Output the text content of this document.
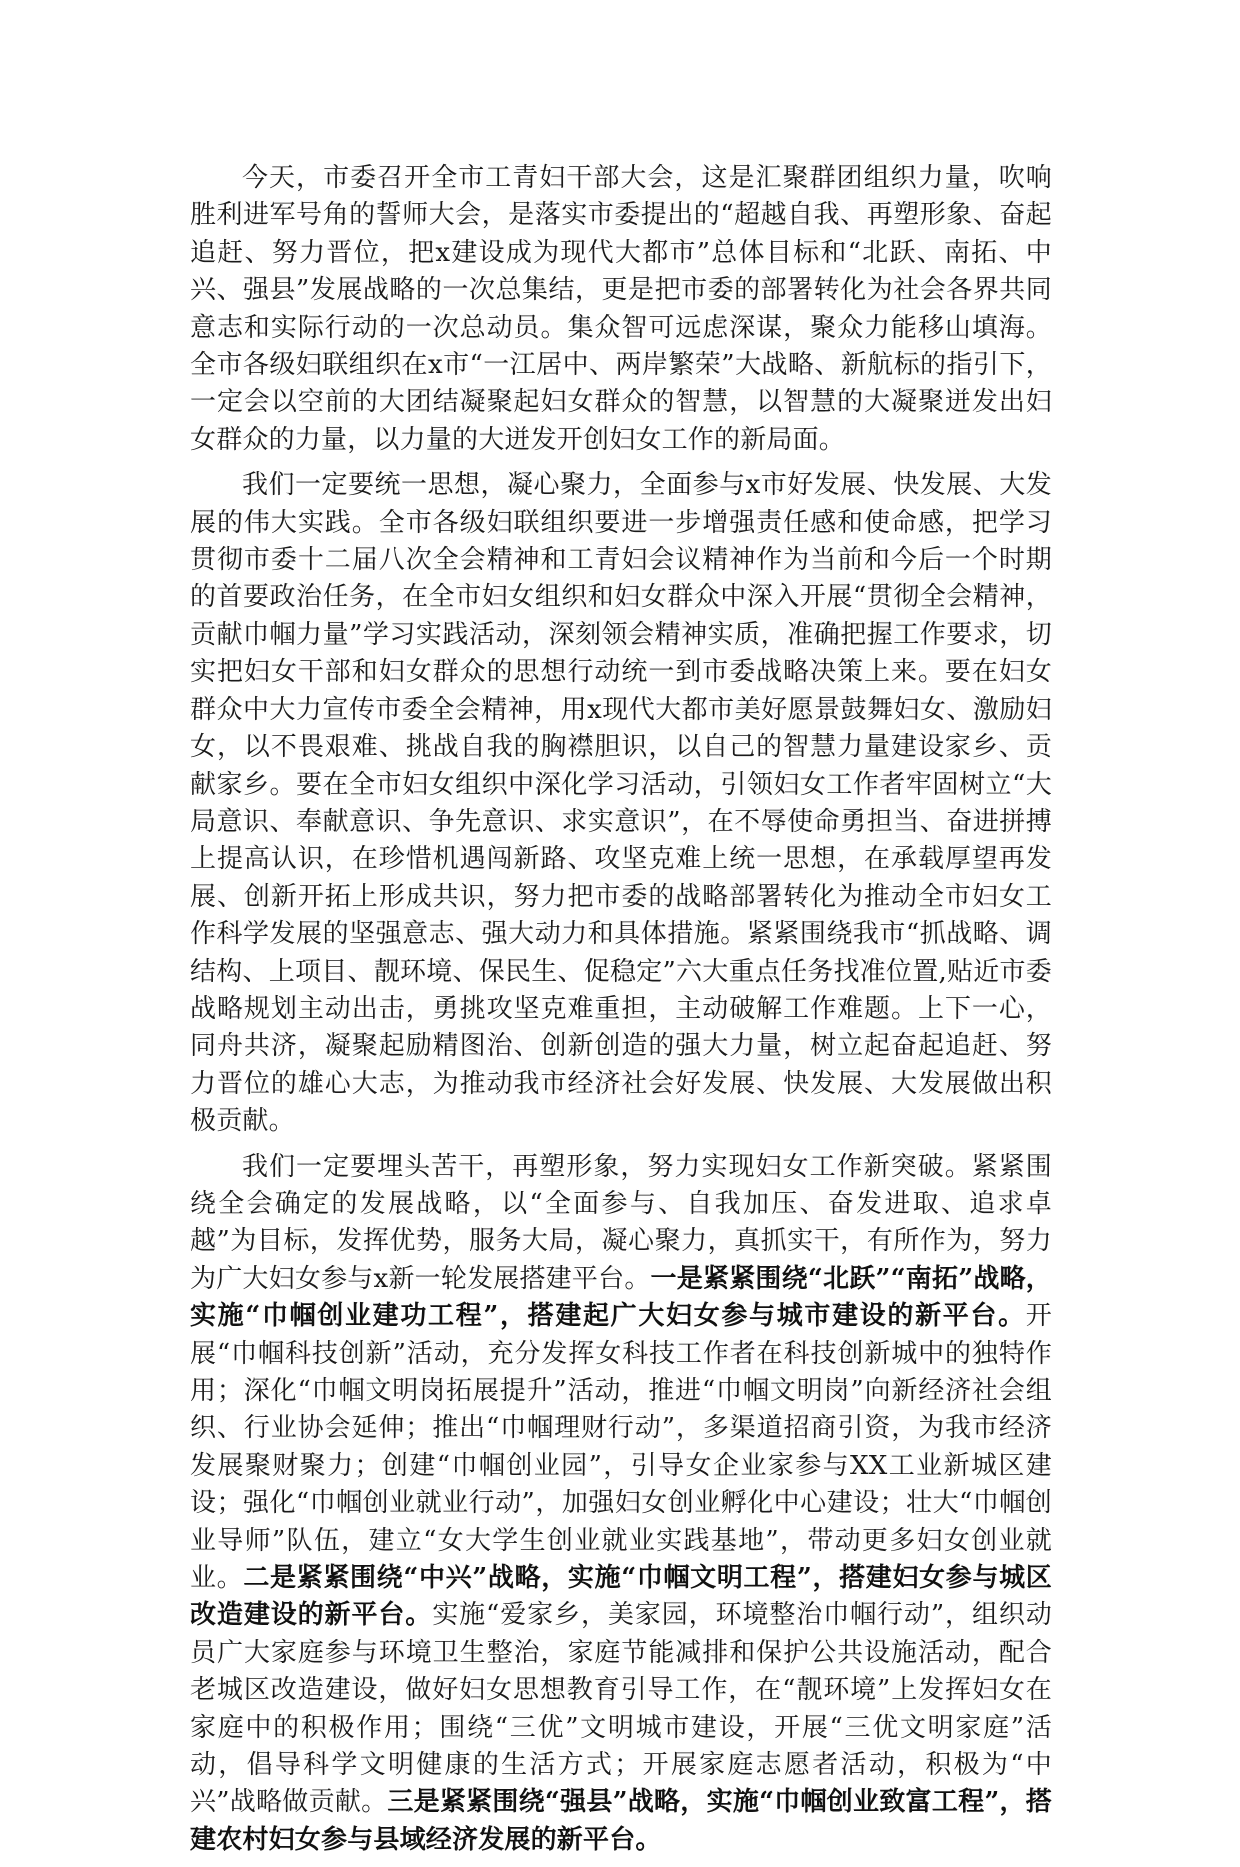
今天，市委召开全市工青妇干部大会，这是汇聚群团组织力量，吹响胜利进军号角的誓师大会，是落实市委提出的“超越自我、再塑形象、奋起追赶、努力晋位，把x建设成为现代大都市”总体目标和“北跃、南拓、中兴、强县”发展战略的一次总集结，更是把市委的部署转化为社会各界共同意志和实际行动的一次总动员。集众智可远虑深谋，聚众力能移山填海。全市各级妇联组织在x市“一江居中、两岸繁荣”大战略、新航标的指引下，一定会以空前的大团结凝聚起妇女群众的智慧，以智慧的大凝聚迸发出妇女群众的力量，以力量的大迸发开创妇女工作的新局面。

我们一定要统一思想，凝心聚力，全面参与x市好发展、快发展、大发展的伟大实践。全市各级妇联组织要进一步增强责任感和使命感，把学习贯彻市委十二届八次全会精神和工青妇会议精神作为当前和今后一个时期的首要政治任务，在全市妇女组织和妇女群众中深入开展“贯彻全会精神，贡献巾帼力量”学习实践活动，深刻领会精神实质，准确把握工作要求，切实把妇女干部和妇女群众的思想行动统一到市委战略决策上来。要在妇女群众中大力宣传市委全会精神，用x现代大都市美好愿景鼓舞妇女、激励妇女，以不畏艰难、挑战自我的胸襟胆识，以自己的智慧力量建设家乡、贡献家乡。要在全市妇女组织中深化学习活动，引领妇女工作者牢固树立“大局意识、奉献意识、争先意识、求实意识”，在不辱使命勇担当、奋进拼搏上提高认识，在珍惜机遇闯新路、攻坚克难上统一思想，在承载厚望再发展、创新开拓上形成共识，努力把市委的战略部署转化为推动全市妇女工作科学发展的坚强意志、强大动力和具体措施。紧紧围绕我市“抓战略、调结构、上项目、靓环境、保民生、促稳定”六大重点任务找准位置,贴近市委战略规划主动出击，勇挑攻坚克难重担，主动破解工作难题。上下一心，同舟共济，凝聚起励精图治、创新创造的强大力量，树立起奋起追赶、努力晋位的雄心大志，为推动我市经济社会好发展、快发展、大发展做出积极贡献。

我们一定要埋头苦干，再塑形象，努力实现妇女工作新突破。紧紧围绕全会确定的发展战略，以“全面参与、自我加压、奋发进取、追求卓越”为目标，发挥优势，服务大局，凝心聚力，真抓实干，有所作为，努力为广大妇女参与x新一轮发展搭建平台。一是紧紧围绕“北跃”“南拓”战略，实施“巾帼创业建功工程”，搭建起广大妇女参与城市建设的新平台。开展“巾帼科技创新”活动，充分发挥女科技工作者在科技创新城中的独特作用；深化“巾帼文明岗拓展提升”活动，推进“巾帼文明岗”向新经济社会组织、行业协会延伸；推出“巾帼理财行动”，多渠道招商引资，为我市经济发展聚财聚力；创建“巾帼创业园”，引导女企业家参与XX工业新城区建设；强化“巾帼创业就业行动”，加强妇女创业孵化中心建设；壮大“巾帼创业导师”队伍，建立“女大学生创业就业实践基地”，带动更多妇女创业就业。二是紧紧围绕“中兴”战略，实施“巾帼文明工程”，搭建妇女参与城区改造建设的新平台。实施“爱家乡，美家园，环境整治巾帼行动”，组织动员广大家庭参与环境卫生整治，家庭节能减排和保护公共设施活动，配合老城区改造建设，做好妇女思想教育引导工作，在“靓环境”上发挥妇女在家庭中的积极作用；围绕“三优”文明城市建设，开展“三优文明家庭”活动，倡导科学文明健康的生活方式；开展家庭志愿者活动，积极为“中兴”战略做贡献。三是紧紧围绕“强县”战略，实施“巾帼创业致富工程”，搭建农村妇女参与县域经济发展的新平台。
